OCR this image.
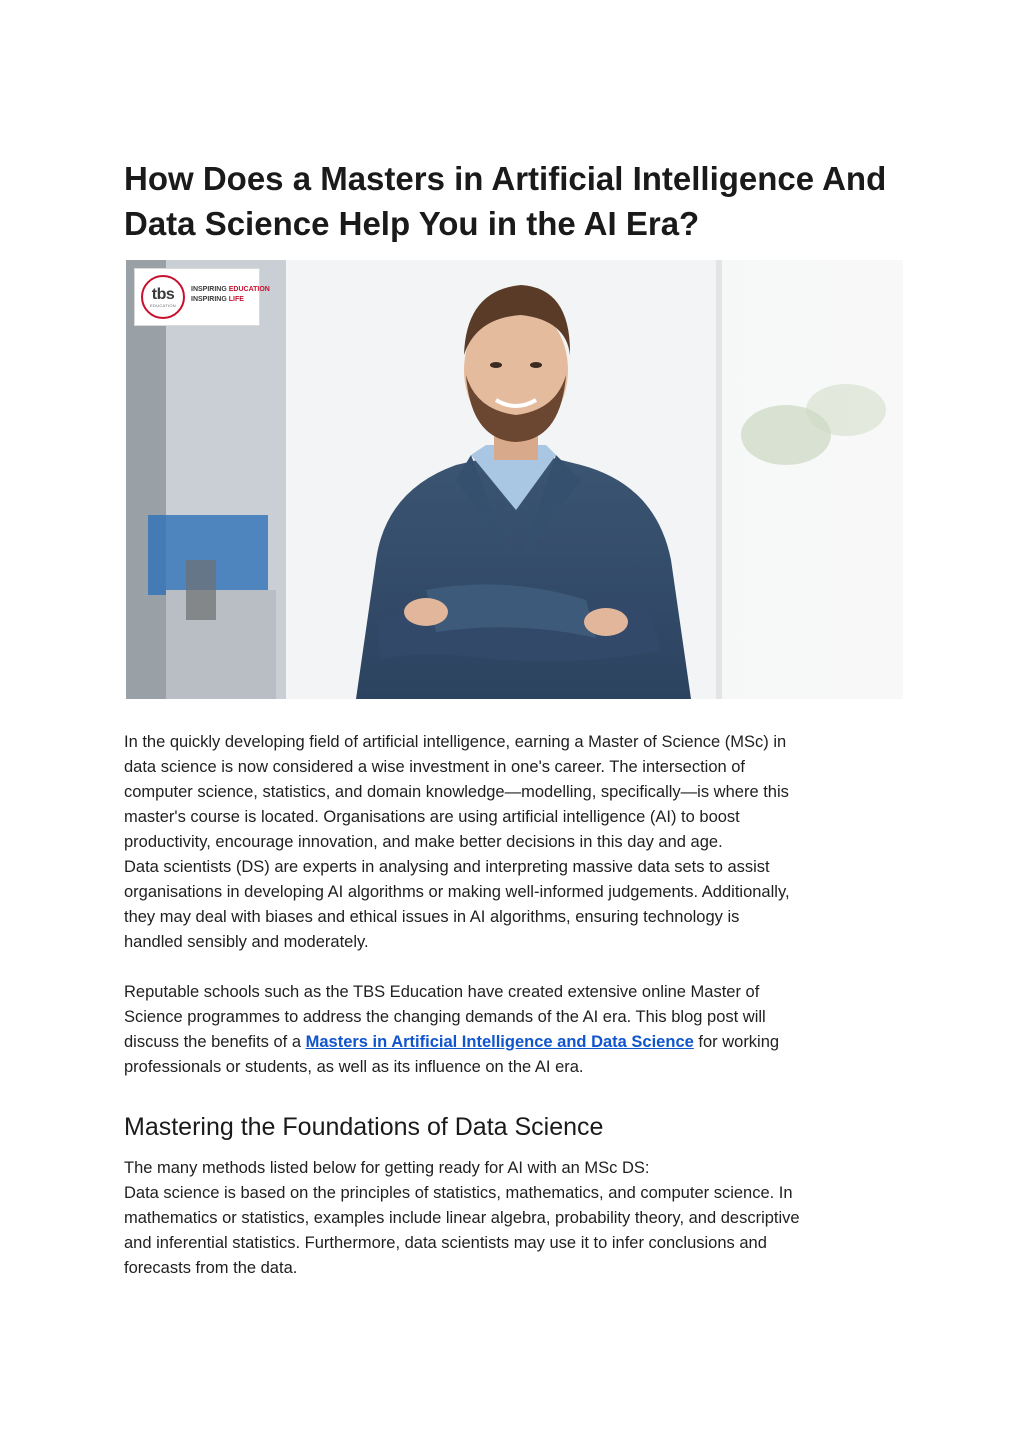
How Does a Masters in Artificial Intelligence And Data Science Help You in the AI Era?
tbs
EDUCATION
INSPIRING EDUCATION
INSPIRING LIFE
In the quickly developing field of artificial intelligence, earning a Master of Science (MSc) in
data science is now considered a wise investment in one's career. The intersection of
computer science, statistics, and domain knowledge—modelling, specifically—is where this
master's course is located. Organisations are using artificial intelligence (AI) to boost
productivity, encourage innovation, and make better decisions in this day and age.
Data scientists (DS) are experts in analysing and interpreting massive data sets to assist
organisations in developing AI algorithms or making well-informed judgements. Additionally,
they may deal with biases and ethical issues in AI algorithms, ensuring technology is
handled sensibly and moderately.
Reputable schools such as the TBS Education have created extensive online Master of
Science programmes to address the changing demands of the AI era. This blog post will
discuss the benefits of a Masters in Artificial Intelligence and Data Science for working
professionals or students, as well as its influence on the AI era.
Mastering the Foundations of Data Science
The many methods listed below for getting ready for AI with an MSc DS:
Data science is based on the principles of statistics, mathematics, and computer science. In
mathematics or statistics, examples include linear algebra, probability theory, and descriptive
and inferential statistics. Furthermore, data scientists may use it to infer conclusions and
forecasts from the data.
